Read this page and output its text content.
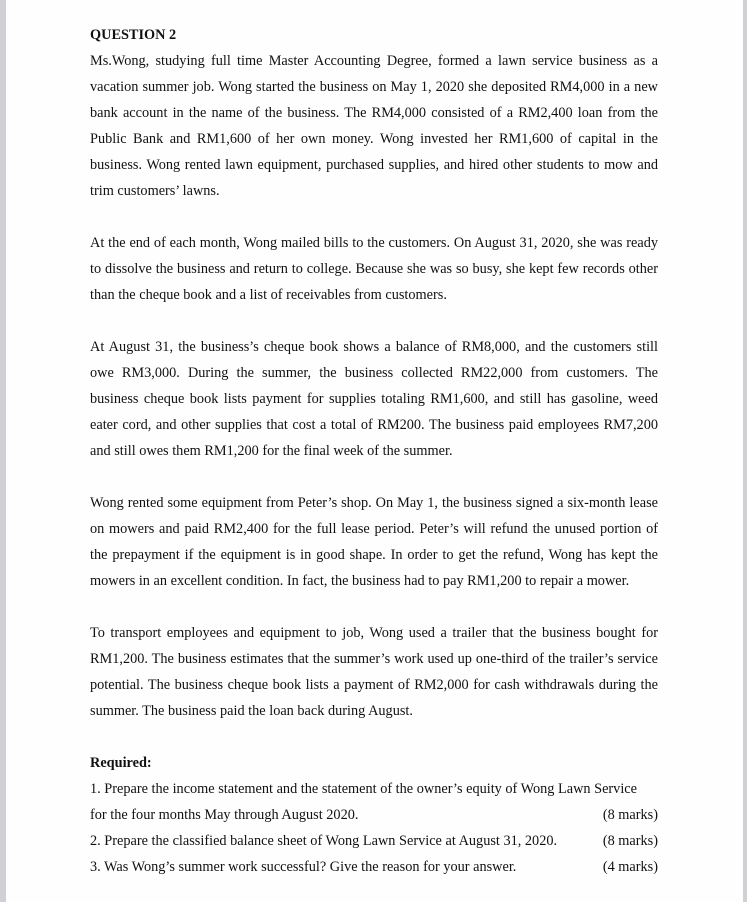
QUESTION 2

Ms.Wong, studying full time Master Accounting Degree, formed a lawn service business as a vacation summer job. Wong started the business on May 1, 2020 she deposited RM4,000 in a new bank account in the name of the business. The RM4,000 consisted of a RM2,400 loan from the Public Bank and RM1,600 of her own money. Wong invested her RM1,600 of capital in the business. Wong rented lawn equipment, purchased supplies, and hired other students to mow and trim customers’ lawns.

At the end of each month, Wong mailed bills to the customers. On August 31, 2020, she was ready to dissolve the business and return to college. Because she was so busy, she kept few records other than the cheque book and a list of receivables from customers.

At August 31, the business’s cheque book shows a balance of RM8,000, and the customers still owe RM3,000. During the summer, the business collected RM22,000 from customers. The business cheque book lists payment for supplies totaling RM1,600, and still has gasoline, weed eater cord, and other supplies that cost a total of RM200. The business paid employees RM7,200 and still owes them RM1,200 for the final week of the summer.

Wong rented some equipment from Peter’s shop. On May 1, the business signed a six-month lease on mowers and paid RM2,400 for the full lease period. Peter’s will refund the unused portion of the prepayment if the equipment is in good shape. In order to get the refund, Wong has kept the mowers in an excellent condition. In fact, the business had to pay RM1,200 to repair a mower.

To transport employees and equipment to job, Wong used a trailer that the business bought for RM1,200. The business estimates that the summer’s work used up one-third of the trailer’s service potential. The business cheque book lists a payment of RM2,000 for cash withdrawals during the summer. The business paid the loan back during August.

Required:

1. Prepare the income statement and the statement of the owner’s equity of Wong Lawn Service
for the four months May through August 2020.	(8 marks)
2. Prepare the classified balance sheet of Wong Lawn Service at August 31, 2020.	(8 marks)
3. Was Wong’s summer work successful? Give the reason for your answer.	(4 marks)
